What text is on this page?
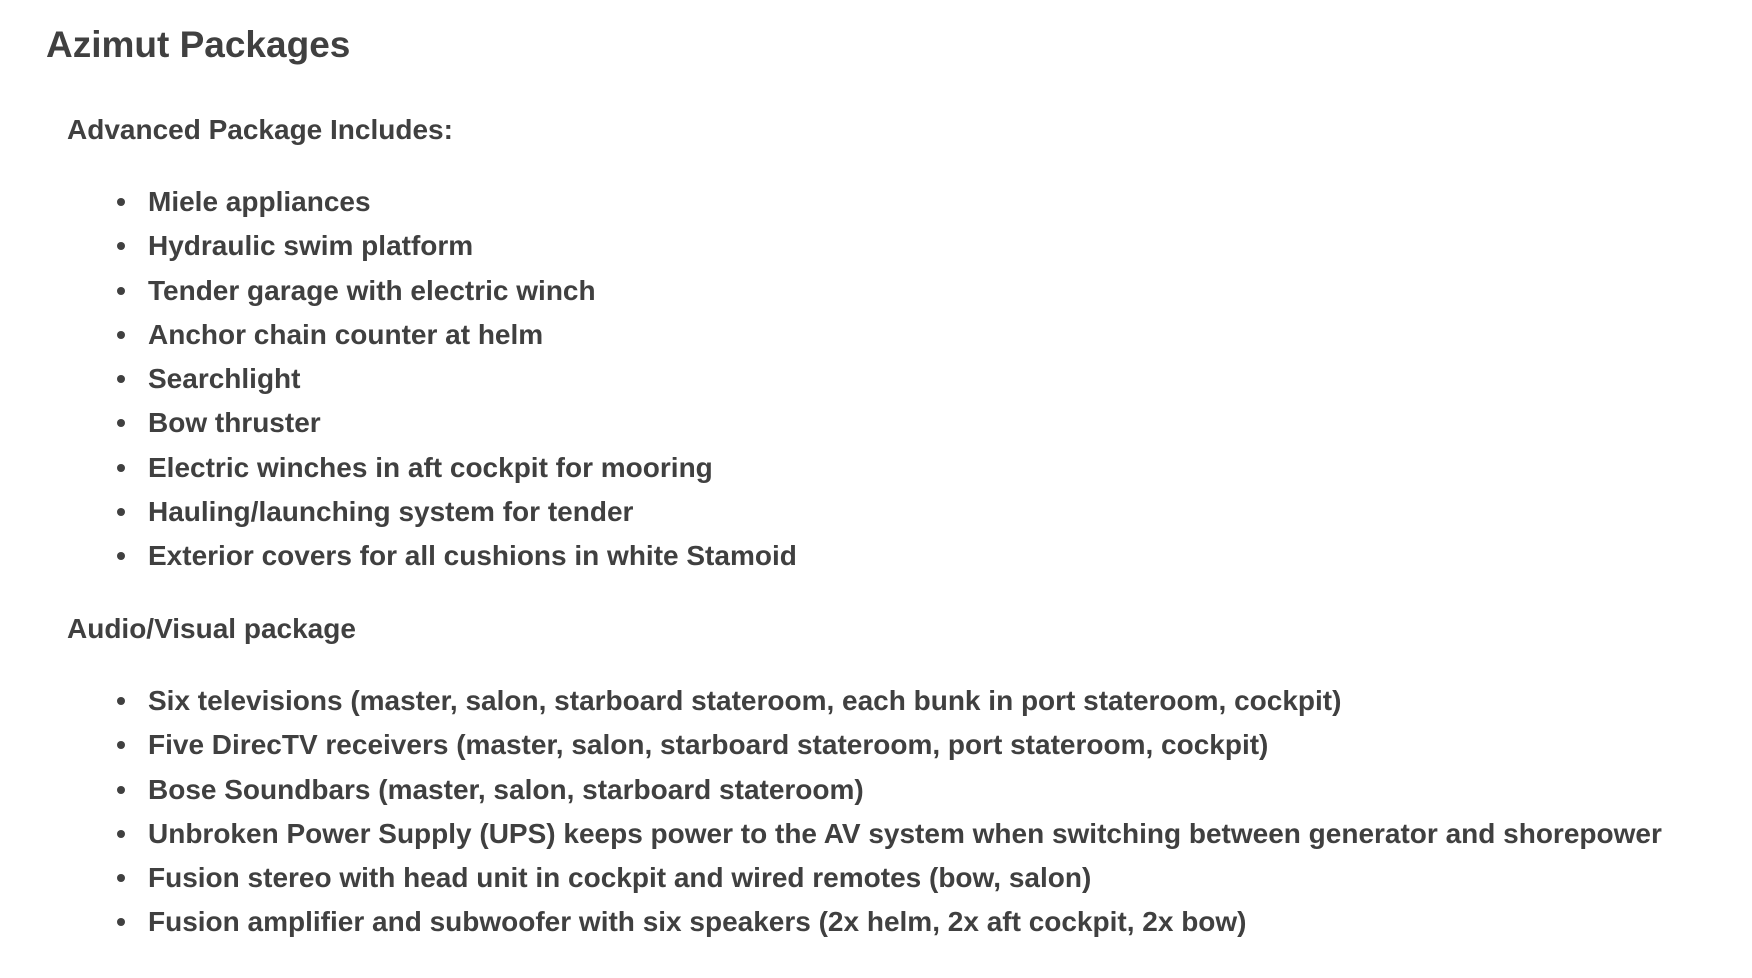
Azimut Packages
Advanced Package Includes:
Miele appliances
Hydraulic swim platform
Tender garage with electric winch
Anchor chain counter at helm
Searchlight
Bow thruster
Electric winches in aft cockpit for mooring
Hauling/launching system for tender
Exterior covers for all cushions in white Stamoid
Audio/Visual package
Six televisions (master, salon, starboard stateroom, each bunk in port stateroom, cockpit)
Five DirecTV receivers (master, salon, starboard stateroom, port stateroom, cockpit)
Bose Soundbars (master, salon, starboard stateroom)
Unbroken Power Supply (UPS) keeps power to the AV system when switching between generator and shorepower
Fusion stereo with head unit in cockpit and wired remotes (bow, salon)
Fusion amplifier and subwoofer with six speakers (2x helm, 2x aft cockpit, 2x bow)
